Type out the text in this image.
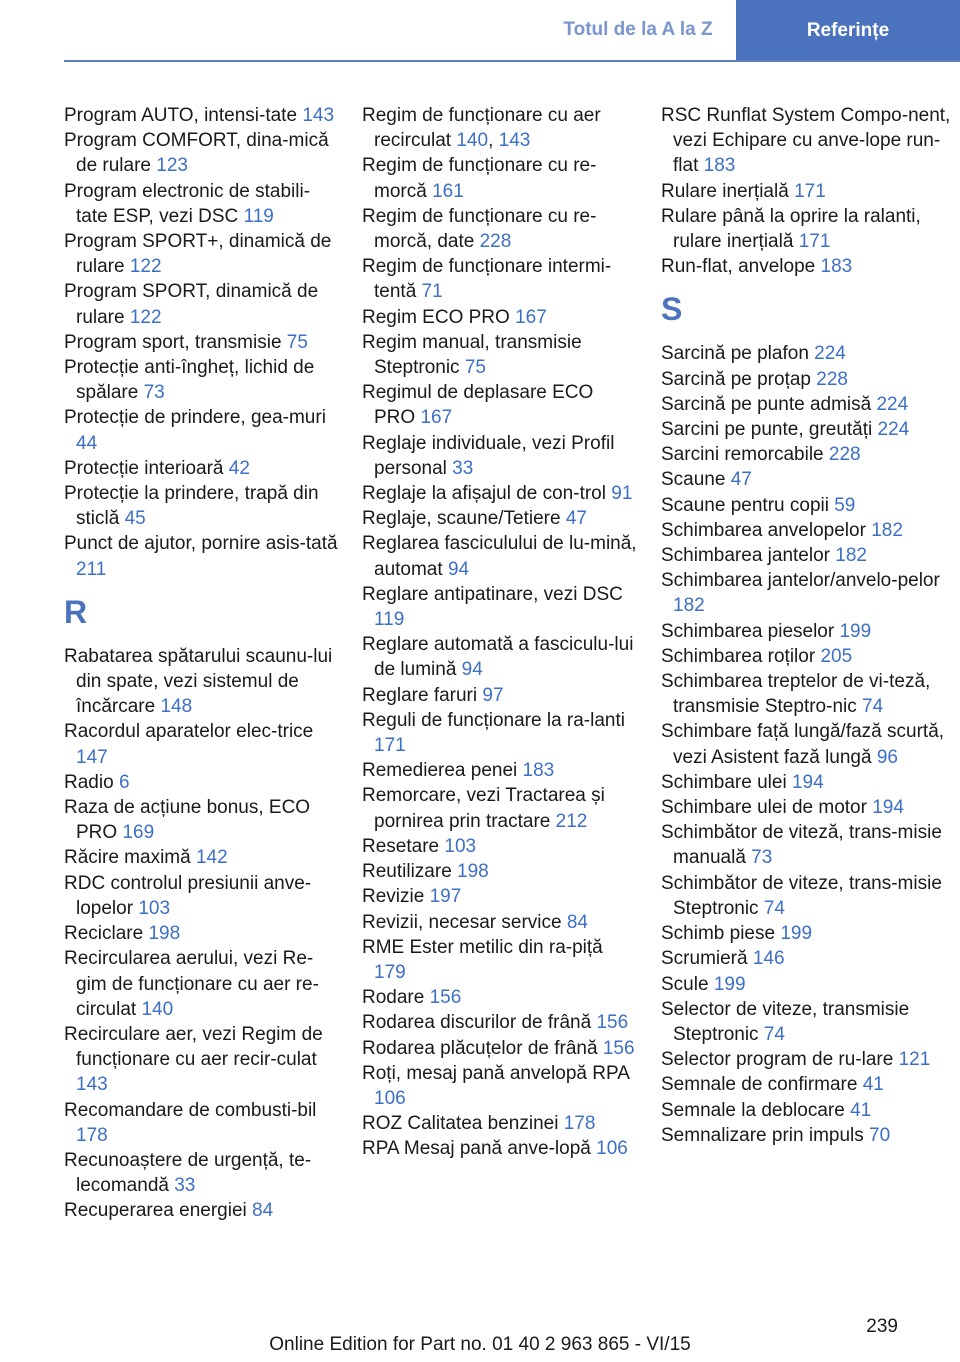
Totul de la A la Z	Referințe
Program AUTO, intensi-tate 143
Program COMFORT, dina-mică de rulare 123
Program electronic de stabili-tate ESP, vezi DSC 119
Program SPORT+, dinamică de rulare 122
Program SPORT, dinamică de rulare 122
Program sport, transmisie 75
Protecție anti-îngheț, lichid de spălare 73
Protecție de prindere, gea-muri 44
Protecție interioară 42
Protecție la prindere, trapă din sticlă 45
Punct de ajutor, pornire asis-tată 211
R
Rabatarea spătarului scaunu-lui din spate, vezi sistemul de încărcare 148
Racordul aparatelor elec-trice 147
Radio 6
Raza de acțiune bonus, ECO PRO 169
Răcire maximă 142
RDC controlul presiunii anve-lopelor 103
Reciclare 198
Recircularea aerului, vezi Re-gim de funcționare cu aer re-circulat 140
Recirculare aer, vezi Regim de funcționare cu aer recir-culat 143
Recomandare de combusti-bil 178
Recunoaștere de urgență, te-lecomandă 33
Recuperarea energiei 84
Regim de funcționare cu aer recirculat 140, 143
Regim de funcționare cu re-morcă 161
Regim de funcționare cu re-morcă, date 228
Regim de funcționare intermi-tentă 71
Regim ECO PRO 167
Regim manual, transmisie Steptronic 75
Regimul de deplasare ECO PRO 167
Reglaje individuale, vezi Profil personal 33
Reglaje la afișajul de con-trol 91
Reglaje, scaune/Tetiere 47
Reglarea fasciculului de lu-mină, automat 94
Reglare antipatinare, vezi DSC 119
Reglare automată a fasciculu-lui de lumină 94
Reglare faruri 97
Reguli de funcționare la ra-lanti 171
Remedierea penei 183
Remorcare, vezi Tractarea și pornirea prin tractare 212
Resetare 103
Reutilizare 198
Revizie 197
Revizii, necesar service 84
RME Ester metilic din ra-piță 179
Rodare 156
Rodarea discurilor de frână 156
Rodarea plăcuțelor de frână 156
Roți, mesaj pană anvelopă RPA 106
ROZ Calitatea benzinei 178
RPA Mesaj pană anve-lopă 106
RSC Runflat System Compo-nent, vezi Echipare cu anve-lope run-flat 183
Rulare inerțială 171
Rulare până la oprire la ralanti, rulare inerțială 171
Run-flat, anvelope 183
S
Sarcină pe plafon 224
Sarcină pe proțap 228
Sarcină pe punte admisă 224
Sarcini pe punte, greutăți 224
Sarcini remorcabile 228
Scaune 47
Scaune pentru copii 59
Schimbarea anvelopelor 182
Schimbarea jantelor 182
Schimbarea jantelor/anvelo-pelor 182
Schimbarea pieselor 199
Schimbarea roților 205
Schimbarea treptelor de vi-teză, transmisie Steptro-nic 74
Schimbare față lungă/fază scurtă, vezi Asistent fază lungă 96
Schimbare ulei 194
Schimbare ulei de motor 194
Schimbător de viteză, trans-misie manuală 73
Schimbător de viteze, trans-misie Steptronic 74
Schimb piese 199
Scrumieră 146
Scule 199
Selector de viteze, transmisie Steptronic 74
Selector program de ru-lare 121
Semnale de confirmare 41
Semnale la deblocare 41
Semnalizare prin impuls 70
239
Online Edition for Part no. 01 40 2 963 865 - VI/15
